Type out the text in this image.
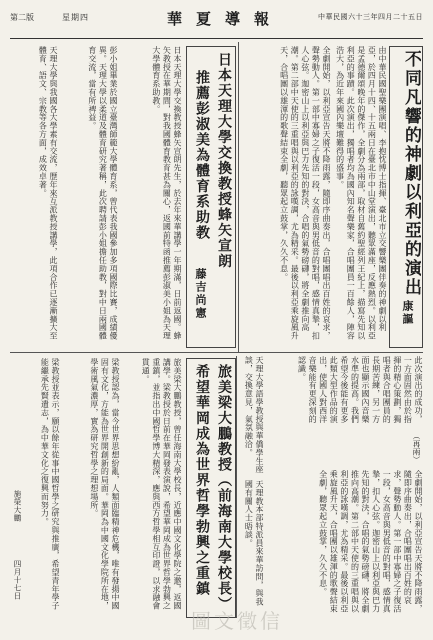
第二版	星期四	華夏導報	中華民國六十三年四月二十五日
不同凡響的神劇以利亞的演出
康謳
由中華民國聖樂團演唱、李抱忱博士指揮、臺北市立交響樂團伴奏的神劇以利亞，於四月十四、十五兩日在臺北市中山堂演出，聽眾滿座，反應熱烈。以利亞是孟德爾頌晚年的傑作，全劇分為兩部，取材自舊約聖經列王紀上，描寫先知以利亞的事蹟。此次演出，獨唱者均為國內知名聲樂家，合唱團員一百餘人，陣容浩大，為近年來國內樂壇難得的盛事。
全劇開始，以利亞宣告天將不降雨露，隨即序曲奏出，合唱團唱出百姓的哀求，聲勢動人。第一部中寡婦之子復活一段，女高音與男低音的對唱，感情真摯，扣人心弦。迦密山上以利亞與巴力先知的對決，合唱的氣勢磅礴，將全劇推向高潮。第二部中天使的三重唱與以利亞的詠嘆調，尤為精采。最後以利亞乘旋風升天，合唱團以雄渾的歌聲結束全劇，聽眾起立鼓掌，久久不息。
此次演出的成功，一方面固然由於指揮的精心策劃，獨唱者與合唱團員的長期苦練，另一方面也顯示國內音樂水準的提高。我們希望今後能有更多此類大型作品的演出，使國人對西洋音樂能有更深刻的認識。
（再兩）
日本天理大學交換教授蜂矢宣朗
推薦彭淑美為體育系助教
藤吉尚憲
日本天理大學交換教授蜂矢宣朗先生，於去年來華講學一年期滿，日前返國。蜂矢教授在華期間，對我國體育教育甚為關心，返國前特函推薦彭淑美小姐為天理大學體育系助教。
彭小姐畢業於國立臺灣師範大學體育系，曾代表我國參加多項國際比賽，成績優異。天理大學以柔道及體育研究著稱，此次聘請彭小姐擔任助教，對中日兩國體育交流，當有所裨益。
天理大學與我國各大學素有交流，歷年來互派教授講學，此項合作已逐漸擴大至體育、語文、宗教等各方面，成效卓著。
天理大學語學教授與華僑學生座談，交換意見，氣氛融洽。
天理教本部特派員來華訪問，與我國有關人士晤談。
旅美梁大鵬教授（前海南大學校長）
希望華岡成為世界哲學勃興之重鎮
旅美梁大鵬教授，曾任海南大學校長，近應中國文化學院之邀，返國講學。梁教授於日前在華岡發表演說，希望華岡成為世界哲學勃興之重鎮，並指出中國哲學博大精深，應與西方哲學相互印證，以求融會貫通。
梁教授認為，當今世界思想紛亂，人類面臨精神危機，唯有發揚中國固有文化，方能為世界開創新的局面。華岡為中國文化學院所在地，學術風氣濃厚，實為研究哲學之理想場所。
梁教授並表示，願以餘年從事中國哲學之研究與推廣，希望青年學子能繼承先賢遺志，為中華文化之復興而努力。
四月十七日
施榮大鵬	全劇開始，以利亞宣告天將不降雨露，隨即序曲奏出，合唱團唱出百姓的哀求，聲勢動人。第一部中寡婦之子復活一段，女高音與男低音的對唱，感情真摯，扣人心弦。迦密山上以利亞與巴力先知的對決，合唱的氣勢磅礴，將全劇推向高潮。第二部中天使的三重唱與以利亞的詠嘆調，尤為精采。最後以利亞乘旋風升天，合唱團以雄渾的歌聲結束全劇，聽眾起立鼓掌，久久不息。
圖文徵信
